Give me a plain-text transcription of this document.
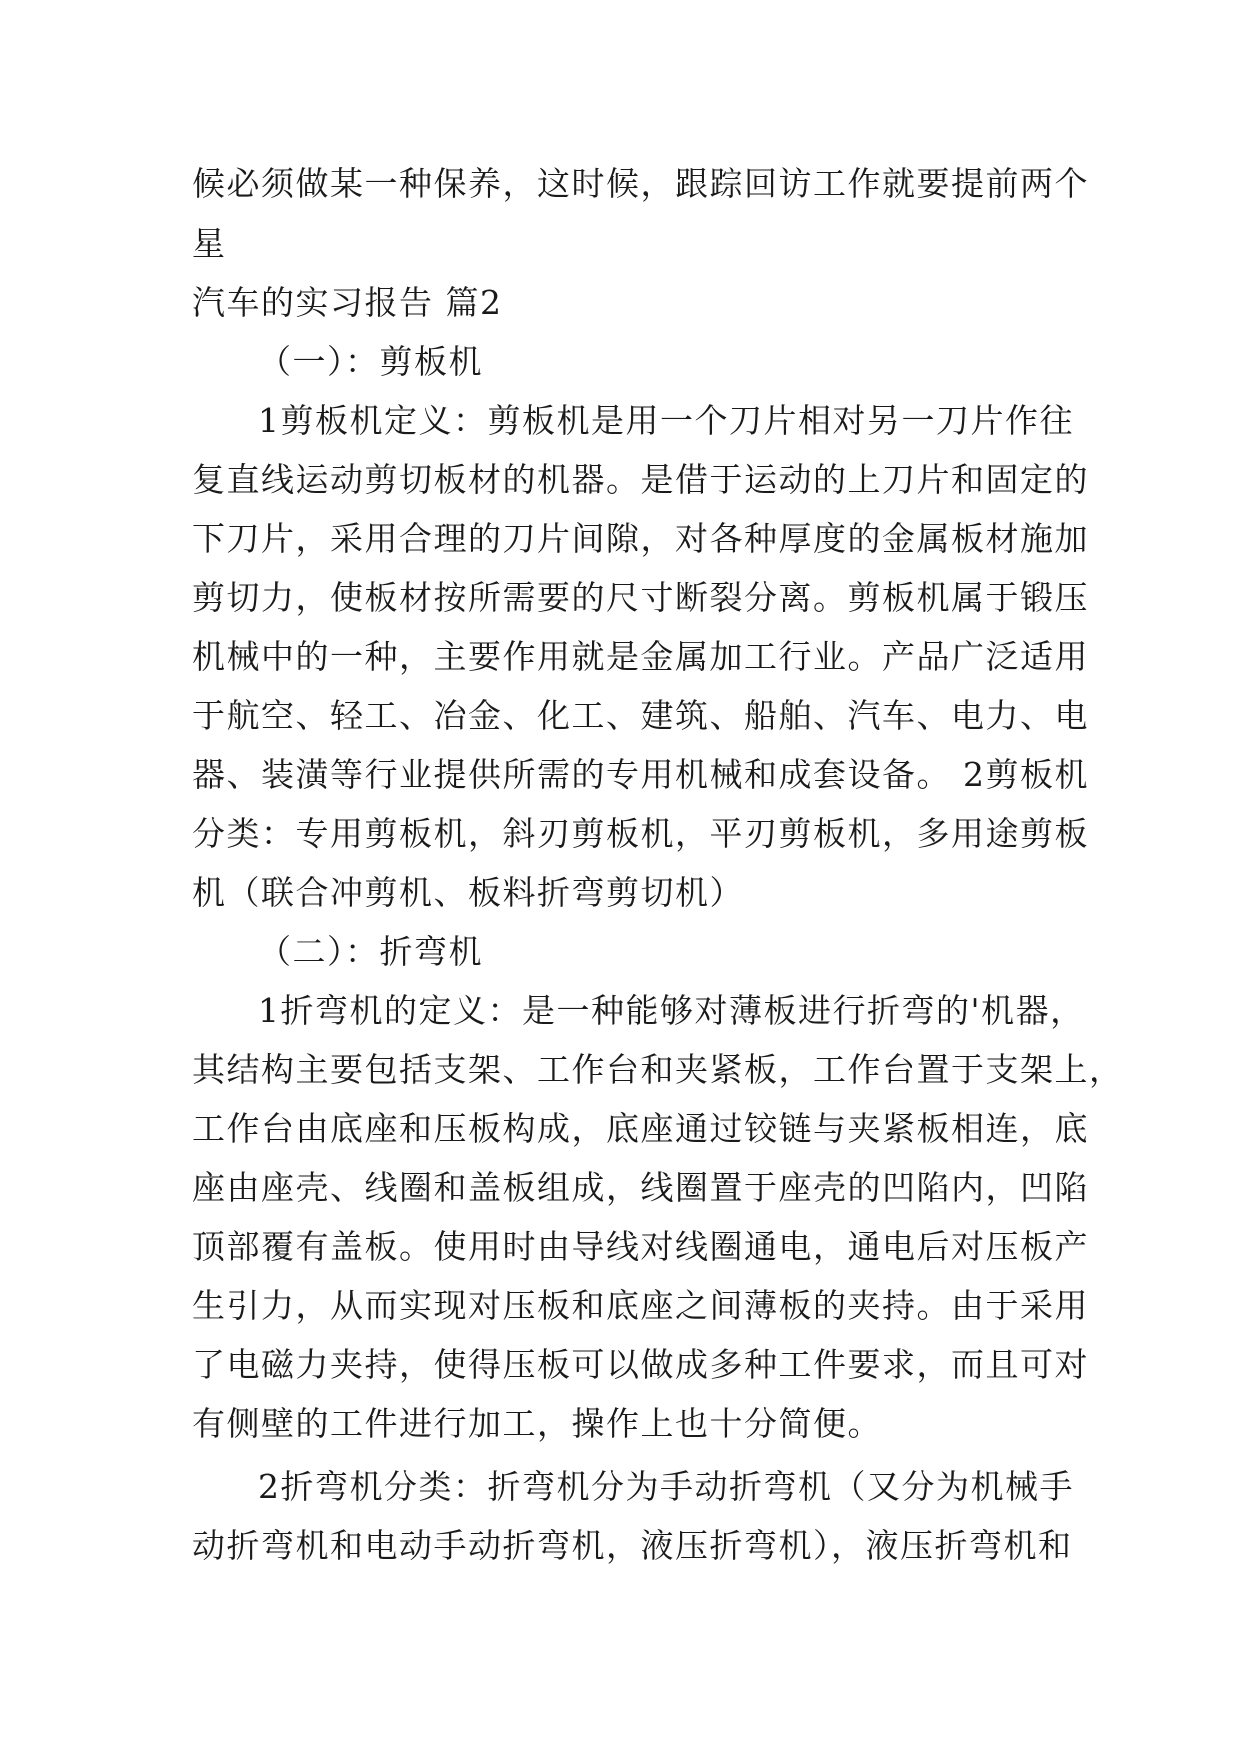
候必须做某一种保养，这时候，跟踪回访工作就要提前两个
星
汽车的实习报告 篇2
（一）：剪板机
1剪板机定义：剪板机是用一个刀片相对另一刀片作往
复直线运动剪切板材的机器。是借于运动的上刀片和固定的
下刀片，采用合理的刀片间隙，对各种厚度的金属板材施加
剪切力，使板材按所需要的尺寸断裂分离。剪板机属于锻压
机械中的一种，主要作用就是金属加工行业。产品广泛适用
于航空、轻工、冶金、化工、建筑、船舶、汽车、电力、电
器、装潢等行业提供所需的专用机械和成套设备。 2剪板机
分类：专用剪板机，斜刃剪板机，平刃剪板机，多用途剪板
机（联合冲剪机、板料折弯剪切机）
（二）：折弯机
1折弯机的定义：是一种能够对薄板进行折弯的'机器，
其结构主要包括支架、工作台和夹紧板，工作台置于支架上，
工作台由底座和压板构成，底座通过铰链与夹紧板相连，底
座由座壳、线圈和盖板组成，线圈置于座壳的凹陷内，凹陷
顶部覆有盖板。使用时由导线对线圈通电，通电后对压板产
生引力，从而实现对压板和底座之间薄板的夹持。由于采用
了电磁力夹持，使得压板可以做成多种工件要求，而且可对
有侧壁的工件进行加工，操作上也十分简便。
2折弯机分类：折弯机分为手动折弯机（又分为机械手
动折弯机和电动手动折弯机，液压折弯机），液压折弯机和
